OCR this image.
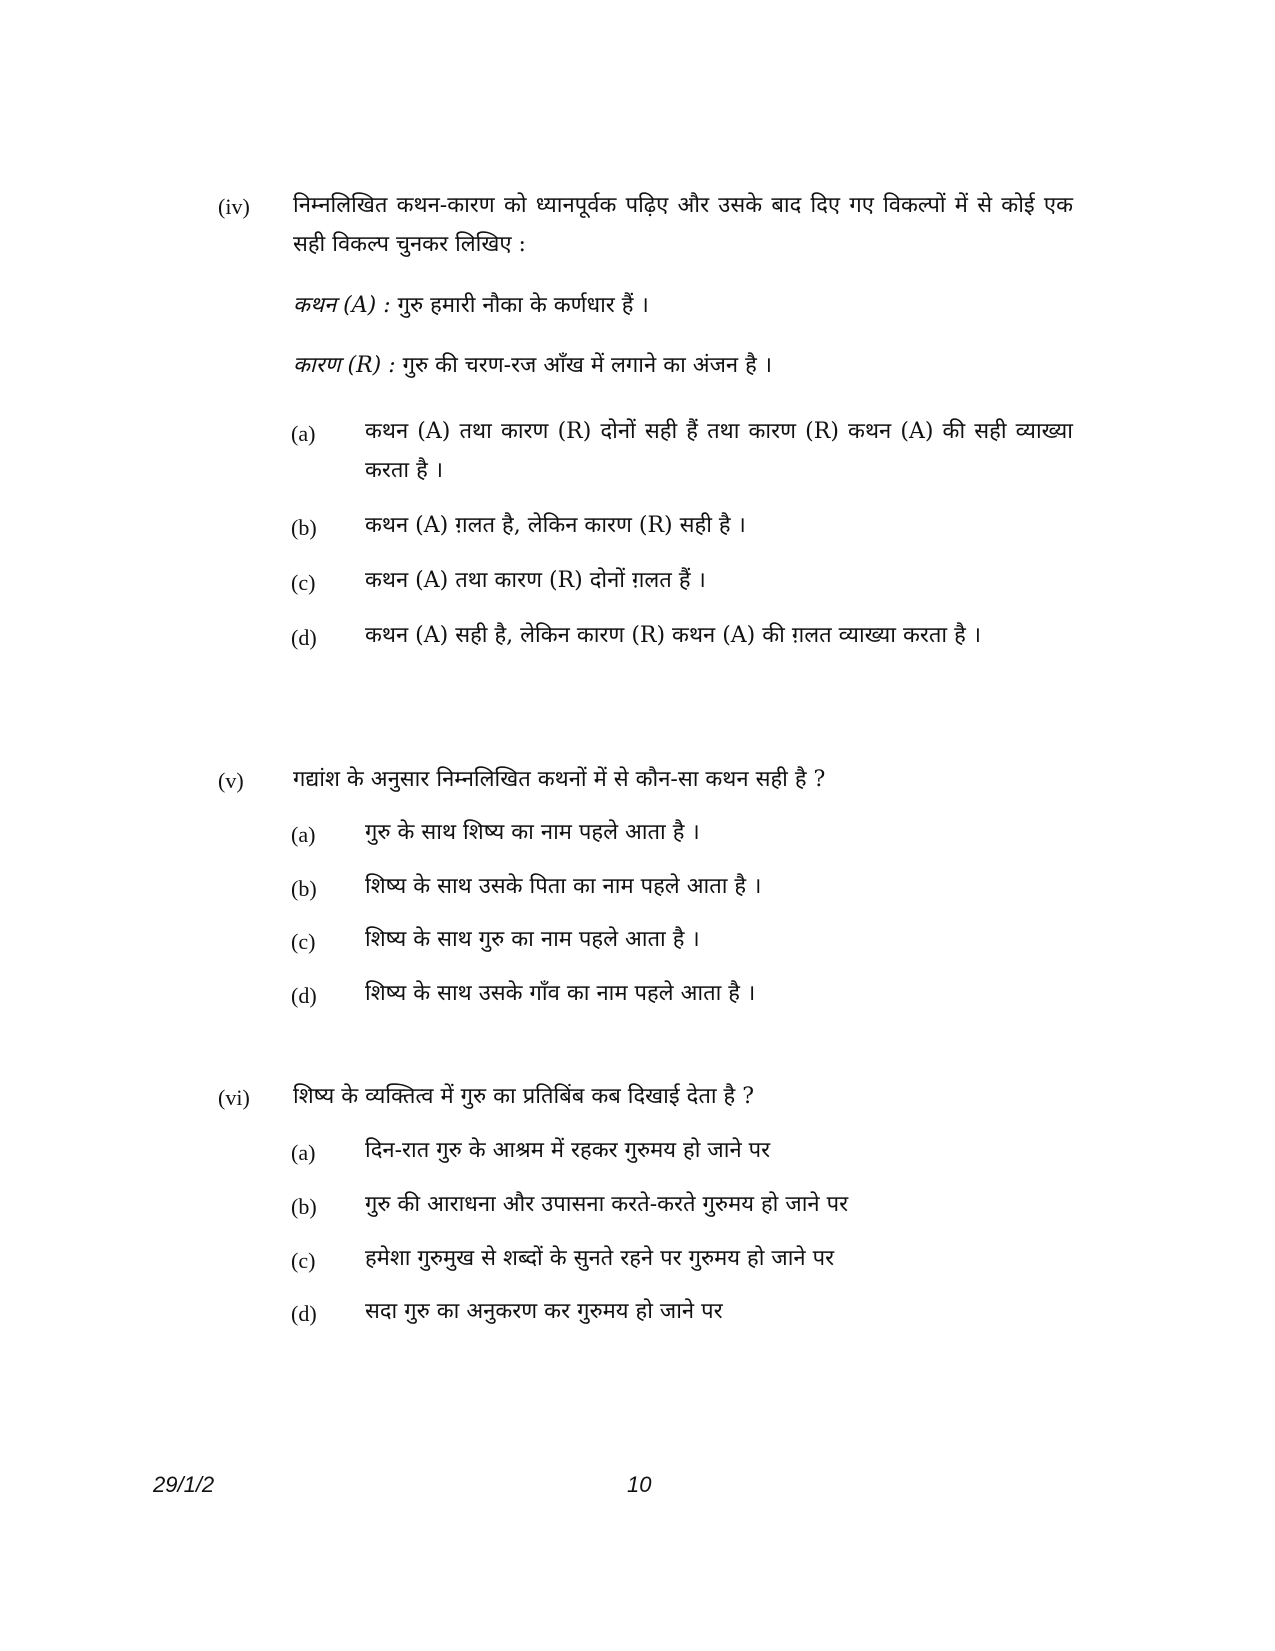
(iv) निम्नलिखित कथन-कारण को ध्यानपूर्वक पढ़िए और उसके बाद दिए गए विकल्पों में से कोई एक सही विकल्प चुनकर लिखिए :
कथन (A) : गुरु हमारी नौका के कर्णधार हैं ।
कारण (R) : गुरु की चरण-रज आँख में लगाने का अंजन है ।
(a) कथन (A) तथा कारण (R) दोनों सही हैं तथा कारण (R) कथन (A) की सही व्याख्या करता है ।
(b) कथन (A) ग़लत है, लेकिन कारण (R) सही है ।
(c) कथन (A) तथा कारण (R) दोनों ग़लत हैं ।
(d) कथन (A) सही है, लेकिन कारण (R) कथन (A) की ग़लत व्याख्या करता है ।
(v) गद्यांश के अनुसार निम्नलिखित कथनों में से कौन-सा कथन सही है ?
(a) गुरु के साथ शिष्य का नाम पहले आता है ।
(b) शिष्य के साथ उसके पिता का नाम पहले आता है ।
(c) शिष्य के साथ गुरु का नाम पहले आता है ।
(d) शिष्य के साथ उसके गाँव का नाम पहले आता है ।
(vi) शिष्य के व्यक्तित्व में गुरु का प्रतिबिंब कब दिखाई देता है ?
(a) दिन-रात गुरु के आश्रम में रहकर गुरुमय हो जाने पर
(b) गुरु की आराधना और उपासना करते-करते गुरुमय हो जाने पर
(c) हमेशा गुरुमुख से शब्दों के सुनते रहने पर गुरुमय हो जाने पर
(d) सदा गुरु का अनुकरण कर गुरुमय हो जाने पर
29/1/2	10
